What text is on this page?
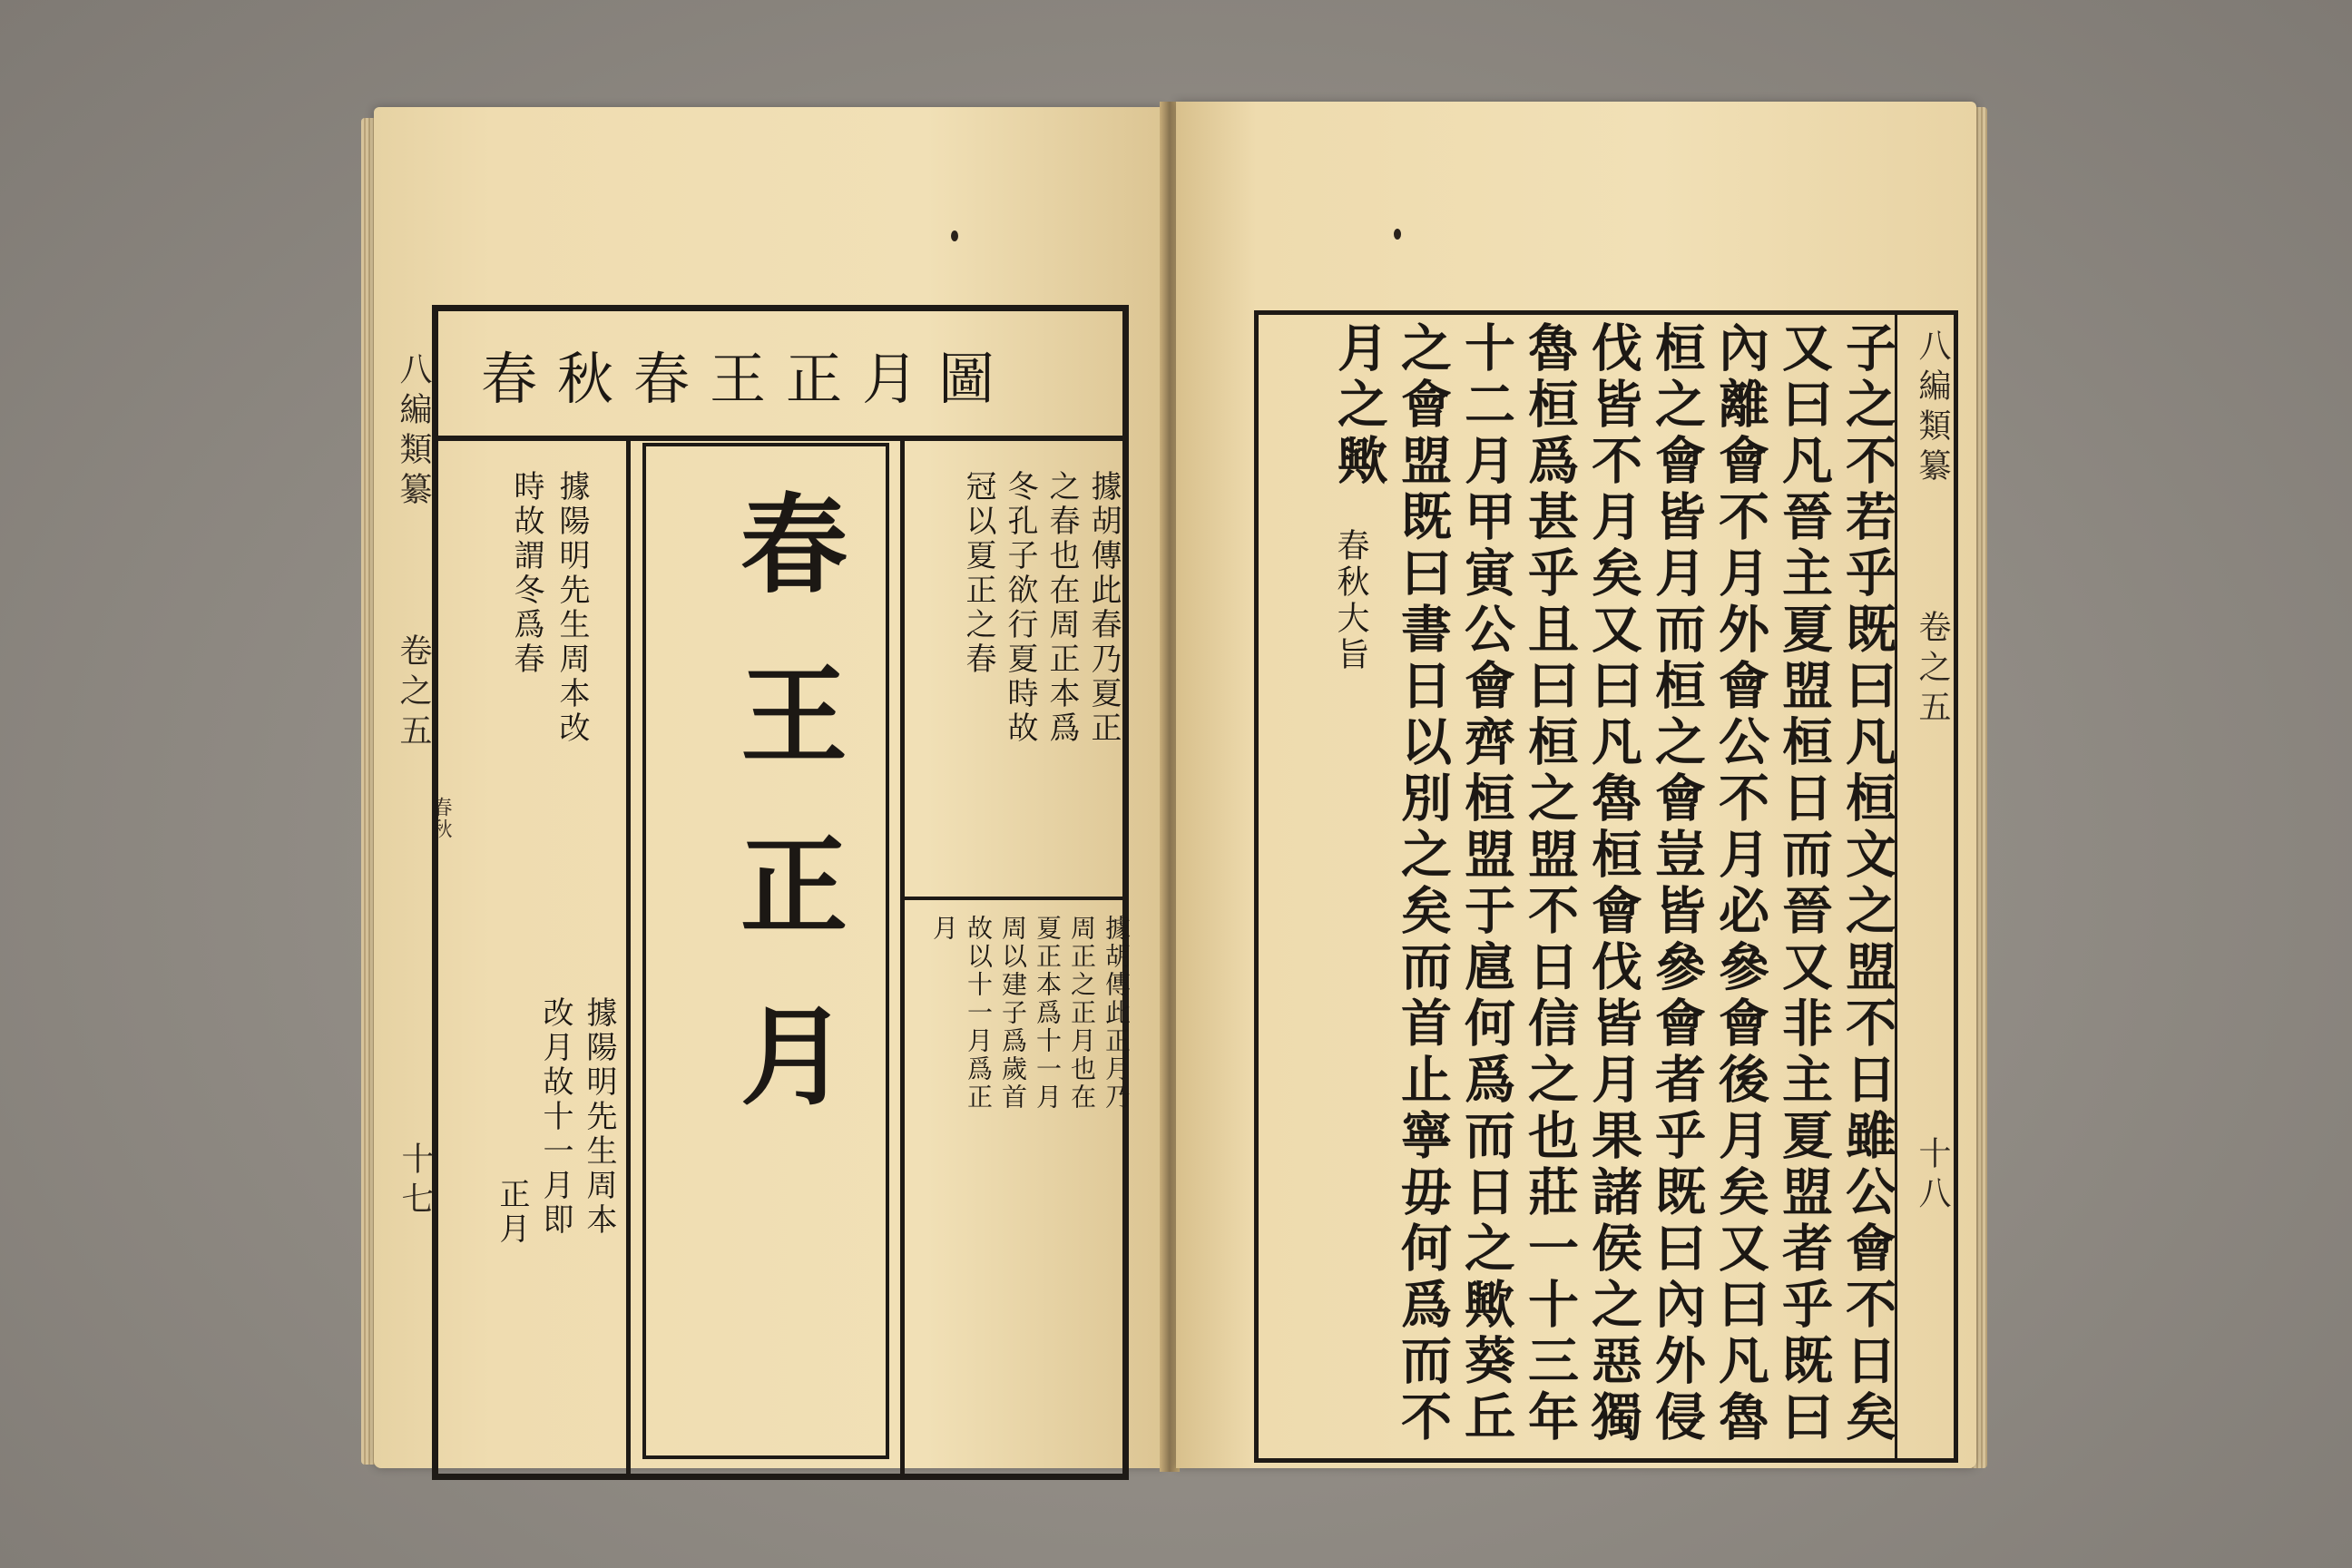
八編類纂
卷之五
春秋
十七
春秋春王正月圖
春王正月	據胡傳此春乃夏正
之春也在周正本爲
冬孔子欲行夏時故
冠以夏正之春
據胡傳此正月乃
周正之正月也在
夏正本爲十一月
周以建子爲歲首
故以十一月爲正
月
據陽明先生周本改
時故謂冬爲春
據陽明先生周本
改月故十一月即
正月
八編類纂
卷之五
十八
子之不若乎既曰凡桓文之盟不日雖公會不日矣
又曰凡晉主夏盟桓日而晉又非主夏盟者乎既曰
內離會不月外會公不月必參會後月矣又曰凡魯
桓之會皆月而桓之會豈皆參會者乎既曰內外侵
伐皆不月矣又曰凡魯桓會伐皆月果諸侯之惡獨
魯桓爲甚乎且曰桓之盟不日信之也莊一十三年
十二月甲寅公會齊桓盟于扈何爲而日之歟葵丘
之會盟既曰書日以別之矣而首止寧毋何爲而不
月之歟
春秋大旨
